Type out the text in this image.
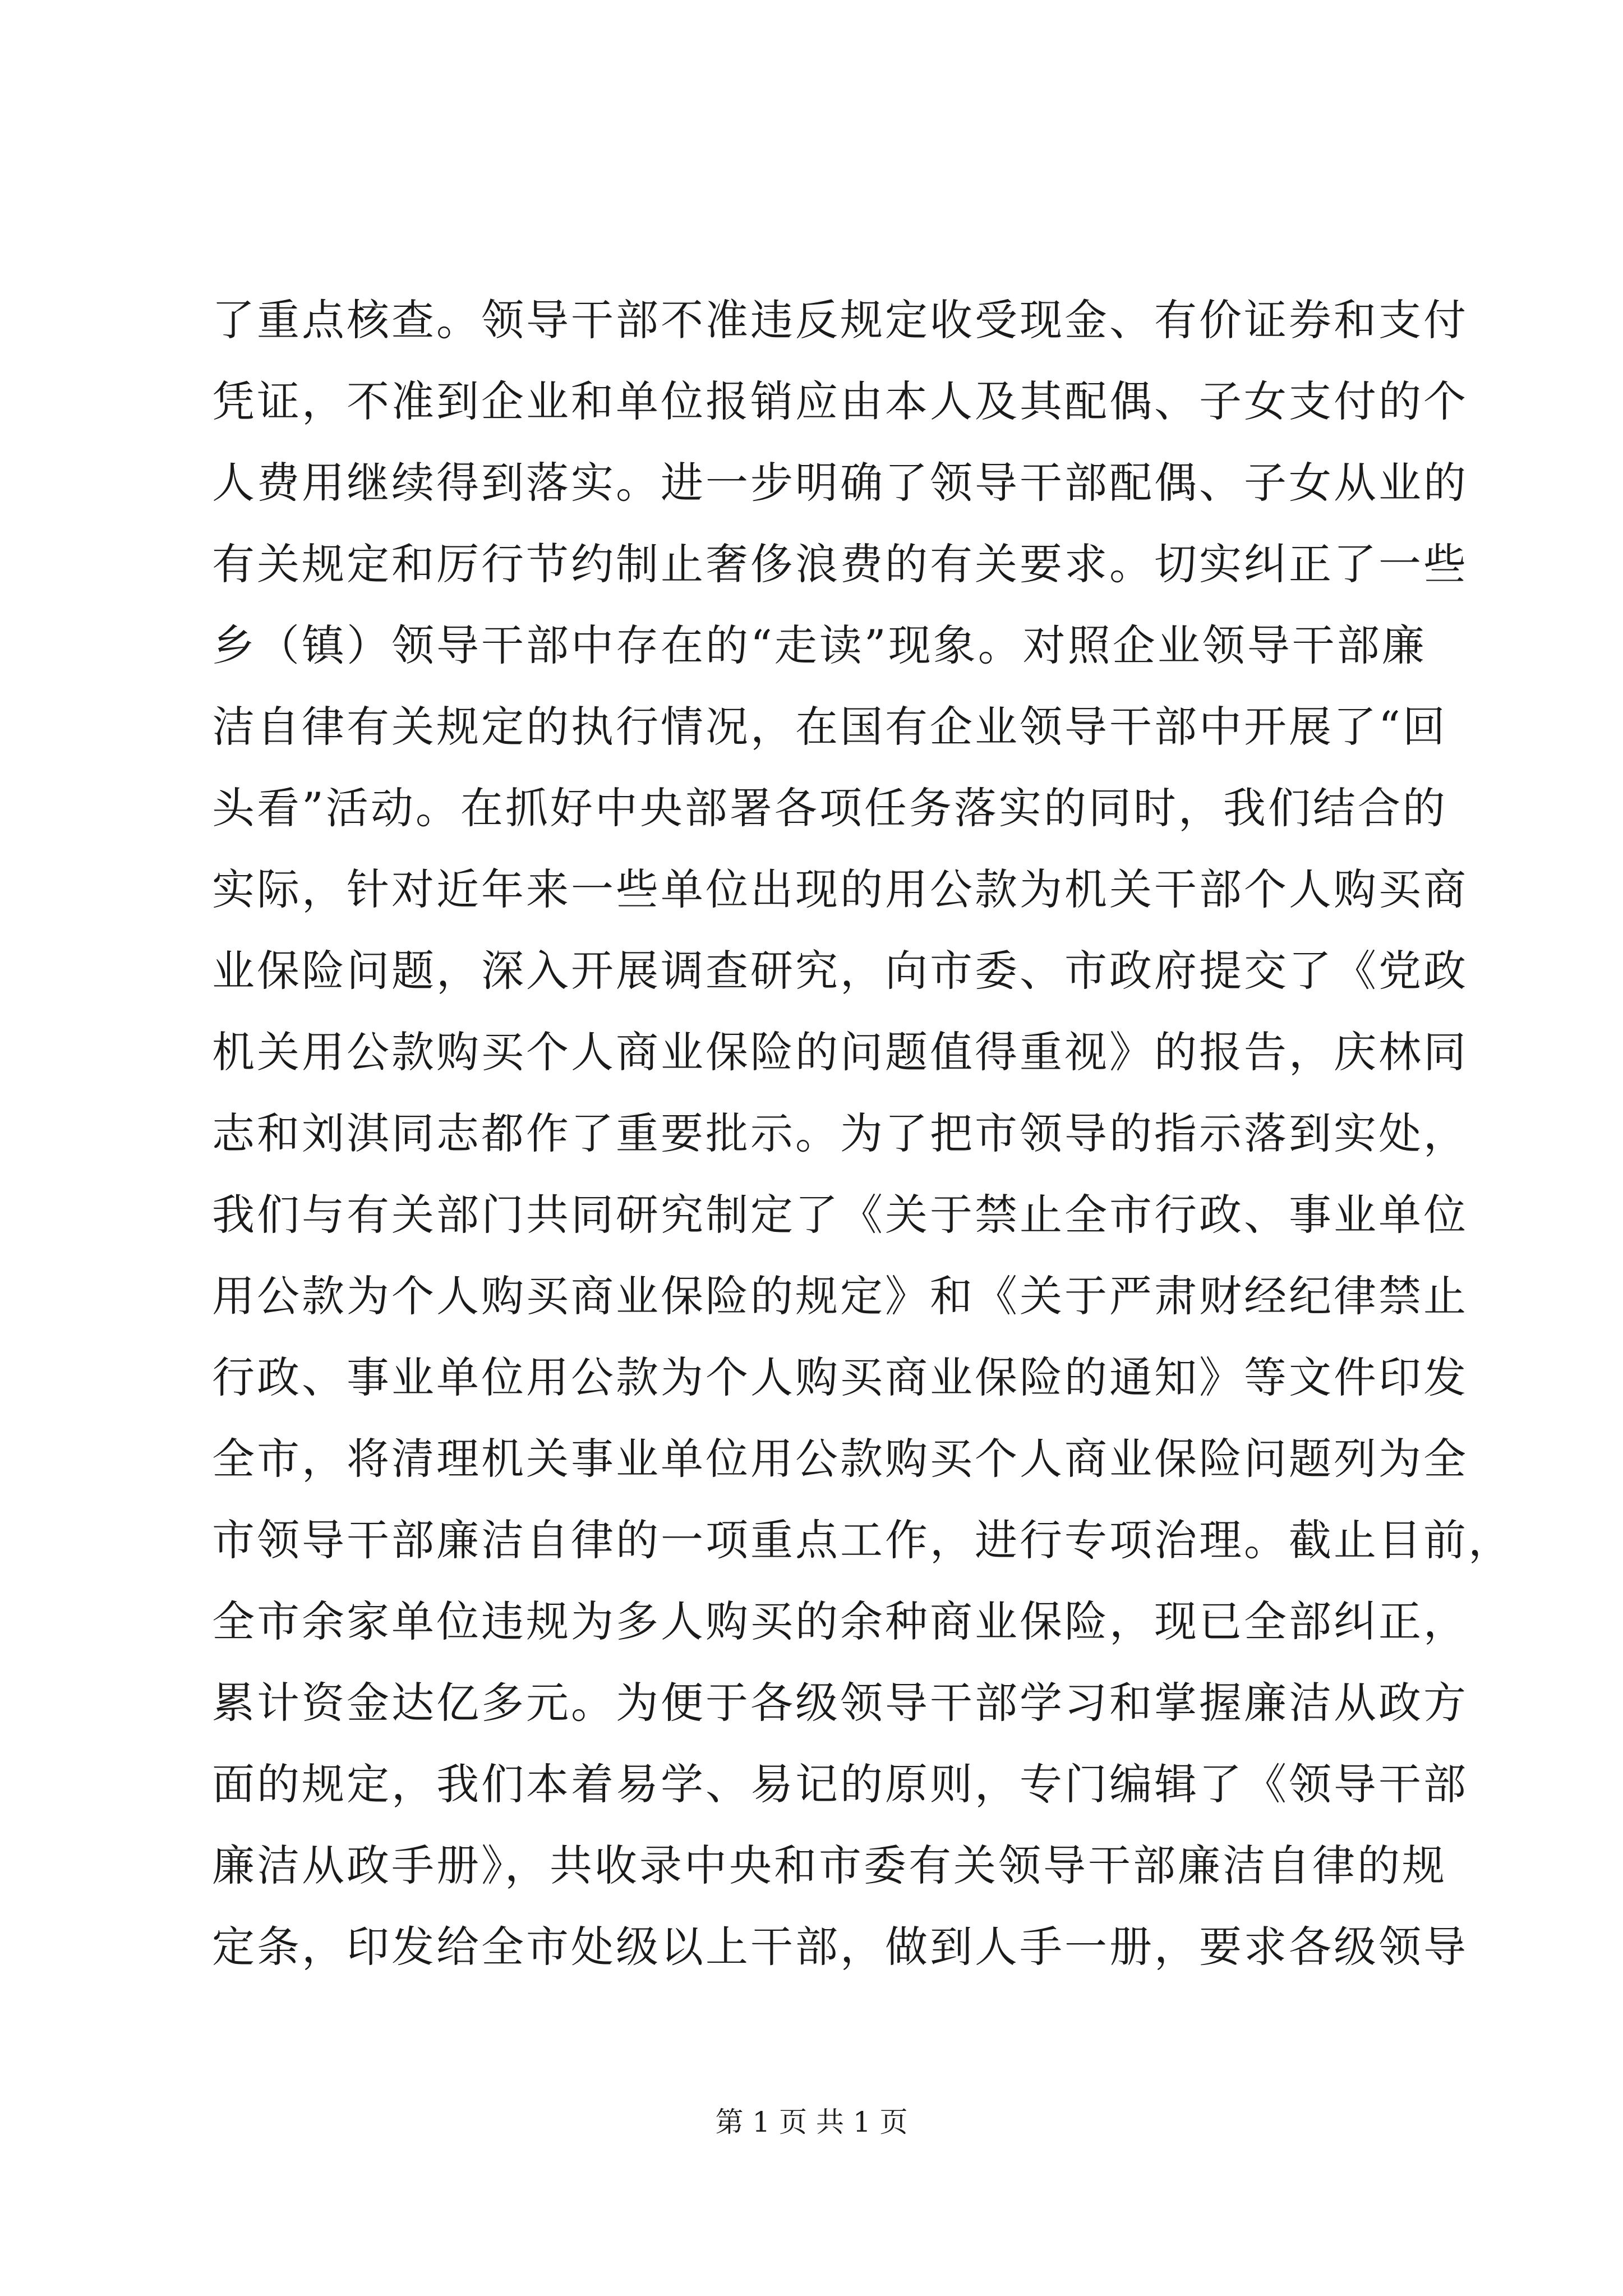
了重点核查。领导干部不准违反规定收受现金、有价证券和支付
凭证，不准到企业和单位报销应由本人及其配偶、子女支付的个
人费用继续得到落实。进一步明确了领导干部配偶、子女从业的
有关规定和厉行节约制止奢侈浪费的有关要求。切实纠正了一些
乡（镇）领导干部中存在的“走读”现象。对照企业领导干部廉
洁自律有关规定的执行情况，在国有企业领导干部中开展了“回
头看”活动。在抓好中央部署各项任务落实的同时，我们结合的
实际，针对近年来一些单位出现的用公款为机关干部个人购买商
业保险问题，深入开展调查研究，向市委、市政府提交了《党政
机关用公款购买个人商业保险的问题值得重视》的报告，庆林同
志和刘淇同志都作了重要批示。为了把市领导的指示落到实处，
我们与有关部门共同研究制定了《关于禁止全市行政、事业单位
用公款为个人购买商业保险的规定》和《关于严肃财经纪律禁止
行政、事业单位用公款为个人购买商业保险的通知》等文件印发
全市，将清理机关事业单位用公款购买个人商业保险问题列为全
市领导干部廉洁自律的一项重点工作，进行专项治理。截止目前，
全市余家单位违规为多人购买的余种商业保险，现已全部纠正，
累计资金达亿多元。为便于各级领导干部学习和掌握廉洁从政方
面的规定，我们本着易学、易记的原则，专门编辑了《领导干部
廉洁从政手册》，共收录中央和市委有关领导干部廉洁自律的规
定条，印发给全市处级以上干部，做到人手一册，要求各级领导
第 1 页 共 1 页
